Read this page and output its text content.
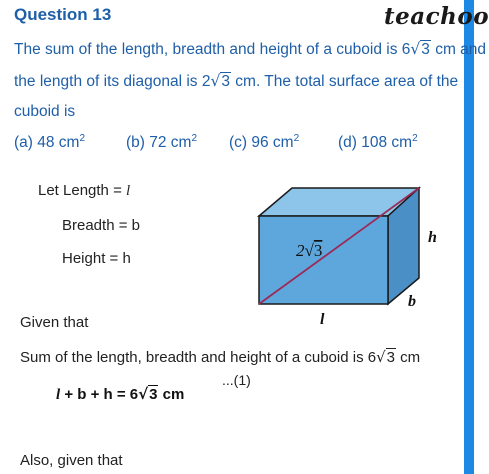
Question 13	teachoo
The sum of the length, breadth and height of a cuboid is 6√3 cm and
the length of its diagonal is 2√3 cm. The total surface area of the
cuboid is
(a) 48 $cm^2$	(b) 72 $cm^2$ (c) 96 $cm^2$	(d) 108 $cm^2$
Let Length = l
Breadth = b
Height = h	2√3
h
b
l
Given that
Sum of the length, breadth and height of a cuboid is 6√3 cm
...(1)
l + b + h = 6√3 cm
Also, given that
